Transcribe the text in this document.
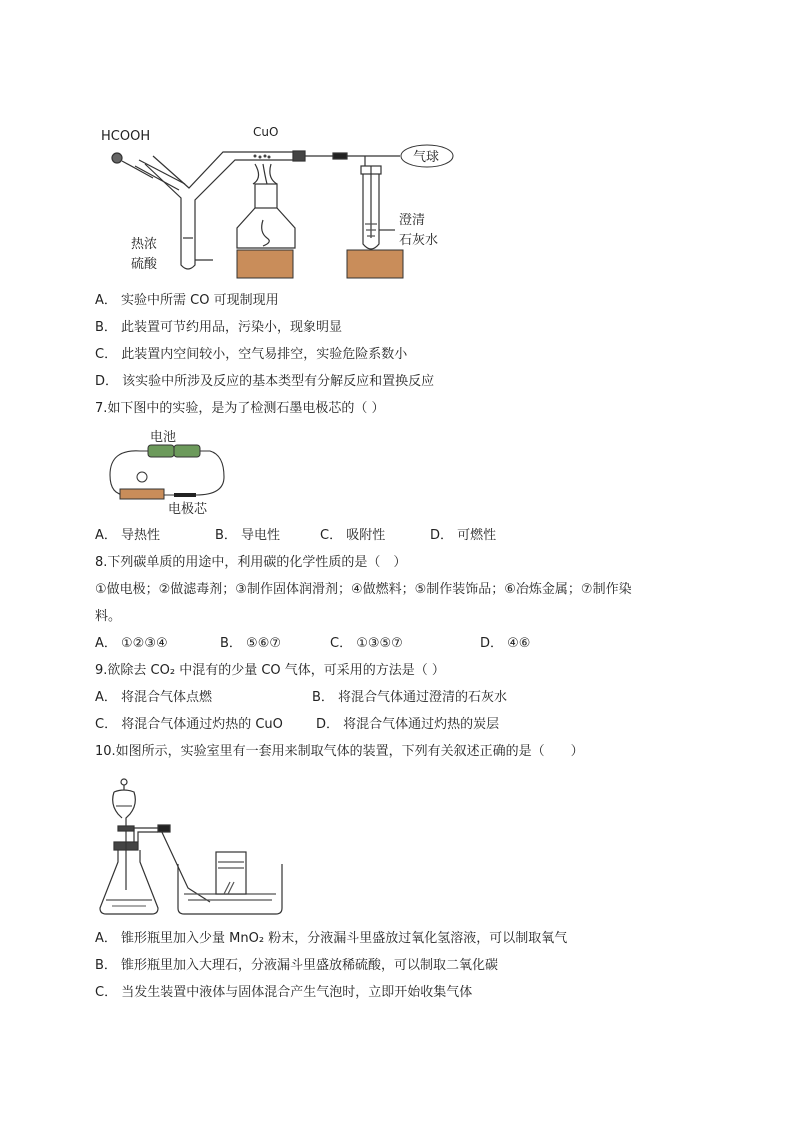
HCOOH	CuO
热浓
硫酸
气球
澄清
石灰水
A． 实验中所需 CO 可现制现用
B． 此装置可节约用品，污染小，现象明显
C． 此装置内空间较小，空气易排空，实验危险系数小
D． 该实验中所涉及反应的基本类型有分解反应和置换反应
7.如下图中的实验，是为了检测石墨电极芯的（ ）
电池
电极芯
A． 导热性	B． 导电性	C． 吸附性	D． 可燃性
8.下列碳单质的用途中，利用碳的化学性质的是（　）
①做电极；②做滤毒剂；③制作固体润滑剂；④做燃料；⑤制作装饰品；⑥冶炼金属；⑦制作染
料。
A． ①②③④	B． ⑤⑥⑦	C． ①③⑤⑦	D． ④⑥
9.欲除去 CO₂ 中混有的少量 CO 气体，可采用的方法是（ ）
A． 将混合气体点燃	B． 将混合气体通过澄清的石灰水
C． 将混合气体通过灼热的 CuO	D． 将混合气体通过灼热的炭层
10.如图所示，实验室里有一套用来制取气体的装置，下列有关叙述正确的是（　　）
A． 锥形瓶里加入少量 MnO₂ 粉末，分液漏斗里盛放过氧化氢溶液，可以制取氧气
B． 锥形瓶里加入大理石，分液漏斗里盛放稀硫酸，可以制取二氧化碳
C． 当发生装置中液体与固体混合产生气泡时，立即开始收集气体
